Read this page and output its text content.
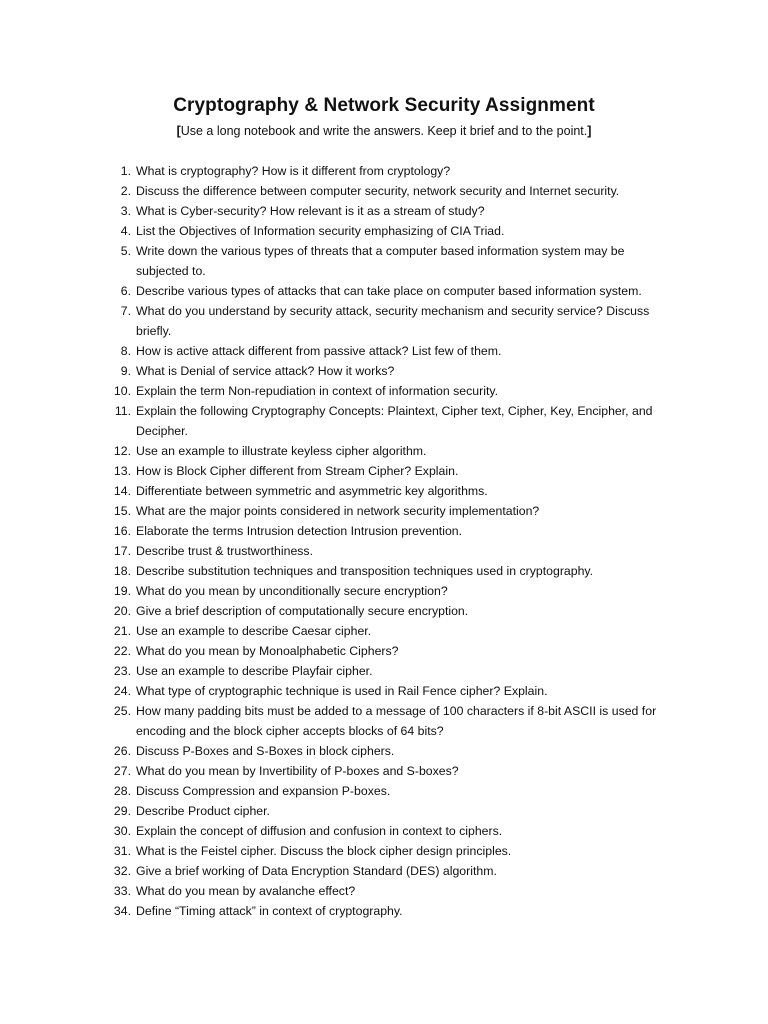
Cryptography & Network Security Assignment
[Use a long notebook and write the answers. Keep it brief and to the point.]
1. What is cryptography? How is it different from cryptology?
2. Discuss the difference between computer security, network security and Internet security.
3. What is Cyber-security? How relevant is it as a stream of study?
4. List the Objectives of Information security emphasizing of CIA Triad.
5. Write down the various types of threats that a computer based information system may be subjected to.
6. Describe various types of attacks that can take place on computer based information system.
7. What do you understand by security attack, security mechanism and security service? Discuss briefly.
8. How is active attack different from passive attack? List few of them.
9. What is Denial of service attack? How it works?
10. Explain the term Non-repudiation in context of information security.
11. Explain the following Cryptography Concepts: Plaintext, Cipher text, Cipher, Key, Encipher, and Decipher.
12. Use an example to illustrate keyless cipher algorithm.
13. How is Block Cipher different from Stream Cipher? Explain.
14. Differentiate between symmetric and asymmetric key algorithms.
15. What are the major points considered in network security implementation?
16. Elaborate the terms Intrusion detection Intrusion prevention.
17. Describe trust & trustworthiness.
18. Describe substitution techniques and transposition techniques used in cryptography.
19. What do you mean by unconditionally secure encryption?
20. Give a brief description of computationally secure encryption.
21. Use an example to describe Caesar cipher.
22. What do you mean by Monoalphabetic Ciphers?
23. Use an example to describe Playfair cipher.
24. What type of cryptographic technique is used in Rail Fence cipher? Explain.
25. How many padding bits must be added to a message of 100 characters if 8-bit ASCII is used for encoding and the block cipher accepts blocks of 64 bits?
26. Discuss P-Boxes and S-Boxes in block ciphers.
27. What do you mean by Invertibility of P-boxes and S-boxes?
28. Discuss Compression and expansion P-boxes.
29. Describe Product cipher.
30. Explain the concept of diffusion and confusion in context to ciphers.
31. What is the Feistel cipher. Discuss the block cipher design principles.
32. Give a brief working of Data Encryption Standard (DES) algorithm.
33. What do you mean by avalanche effect?
34. Define “Timing attack” in context of cryptography.
